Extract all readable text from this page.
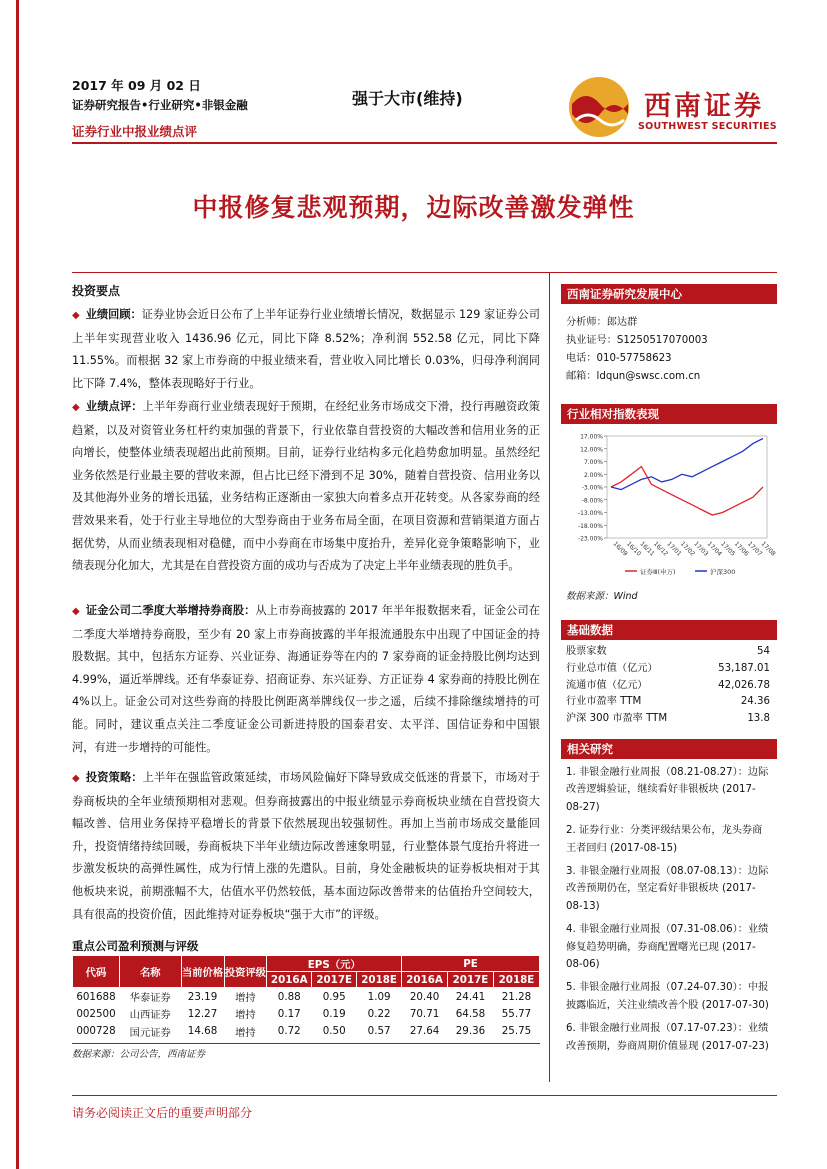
2017 年 09 月 02 日
证券研究报告•行业研究•非银金融
证券行业中报业绩点评
强于大市(维持)	西南证券
SOUTHWEST SECURITIES
中报修复悲观预期，边际改善激发弹性
投资要点
◆ 业绩回顾：证券业协会近日公布了上半年证券行业业绩增长情况，数据显示 129 家证券公司上半年实现营业收入 1436.96 亿元，同比下降 8.52%；净利润 552.58 亿元，同比下降 11.55%。而根据 32 家上市券商的中报业绩来看，营业收入同比增长 0.03%，归母净利润同比下降 7.4%，整体表现略好于行业。
◆ 业绩点评：上半年券商行业业绩表现好于预期，在经纪业务市场成交下滑，投行再融资政策趋紧，以及对资管业务杠杆约束加强的背景下，行业依靠自营投资的大幅改善和信用业务的正向增长，使整体业绩表现超出此前预期。目前，证券行业结构多元化趋势愈加明显。虽然经纪业务依然是行业最主要的营收来源，但占比已经下滑到不足 30%，随着自营投资、信用业务以及其他海外业务的增长迅猛，业务结构正逐渐由一家独大向着多点开花转变。从各家券商的经营效果来看，处于行业主导地位的大型券商由于业务布局全面，在项目资源和营销渠道方面占据优势，从而业绩表现相对稳健，而中小券商在市场集中度抬升，差异化竞争策略影响下，业绩表现分化加大，尤其是在自营投资方面的成功与否成为了决定上半年业绩表现的胜负手。
◆ 证金公司二季度大举增持券商股：从上市券商披露的 2017 年半年报数据来看，证金公司在二季度大举增持券商股，至少有 20 家上市券商披露的半年报流通股东中出现了中国证金的持股数据。其中，包括东方证券、兴业证券、海通证券等在内的 7 家券商的证金持股比例均达到 4.99%，逼近举牌线。还有华泰证券、招商证券、东兴证券、方正证券 4 家券商的持股比例在 4%以上。证金公司对这些券商的持股比例距离举牌线仅一步之遥，后续不排除继续增持的可能。同时，建议重点关注二季度证金公司新进持股的国泰君安、太平洋、国信证券和中国银河，有进一步增持的可能性。
◆ 投资策略：上半年在强监管政策延续，市场风险偏好下降导致成交低迷的背景下，市场对于券商板块的全年业绩预期相对悲观。但券商披露出的中报业绩显示券商板块业绩在自营投资大幅改善、信用业务保持平稳增长的背景下依然展现出较强韧性。再加上当前市场成交量能回升，投资情绪持续回暖，券商板块下半年业绩边际改善速象明显，行业整体景气度抬升将进一步激发板块的高弹性属性，成为行情上涨的先遣队。目前，身处金融板块的证券板块相对于其他板块来说，前期涨幅不大，估值水平仍然较低，基本面边际改善带来的估值抬升空间较大，具有很高的投资价值，因此维持对证券板块“强于大市”的评级。
重点公司盈利预测与评级
代码	名称	当前价格	投资评级	EPS（元）			PE		
				2016A	2017E	2018E	2016A	2017E	2018E
601688	华泰证券	23.19	增持	0.88	0.95	1.09	20.40	24.41	21.28
002500	山西证券	12.27	增持	0.17	0.19	0.22	70.71	64.58	55.77
000728	国元证券	14.68	增持	0.72	0.50	0.57	27.64	29.36	25.75
数据来源：公司公告，西南证券
西南证券研究发展中心
分析师：郎达群
执业证号：S1250517070003
电话：010-57758623
邮箱：ldqun@swsc.com.cn
行业相对指数表现
17.00%
12.00%
7.00%
2.00%
-3.00%
-8.00%
-13.00%
-18.00%
-23.00%
16/09
16/10
16/11
16/12
17/01
17/02
17/03
17/04
17/05
17/06
17/07
17/08
证券Ⅲ(申万)	沪深300
数据来源：Wind
基础数据
股票家数	54
行业总市值（亿元）	53,187.01
流通市值（亿元）	42,026.78
行业市盈率 TTM	24.36
沪深 300 市盈率 TTM	13.8
相关研究
1. 非银金融行业周报（08.21-08.27）：边际改善逻辑验证，继续看好非银板块 (2017-08-27)
2. 证券行业：分类评级结果公布，龙头券商王者回归 (2017-08-15)
3. 非银金融行业周报（08.07-08.13）：边际改善预期仍在，坚定看好非银板块 (2017-08-13)
4. 非银金融行业周报（07.31-08.06）：业绩修复趋势明确，券商配置曙光已现 (2017-08-06)
5. 非银金融行业周报（07.24-07.30）：中报披露临近，关注业绩改善个股 (2017-07-30)
6. 非银金融行业周报（07.17-07.23）：业绩改善预期，券商周期价值显现 (2017-07-23)
请务必阅读正文后的重要声明部分
